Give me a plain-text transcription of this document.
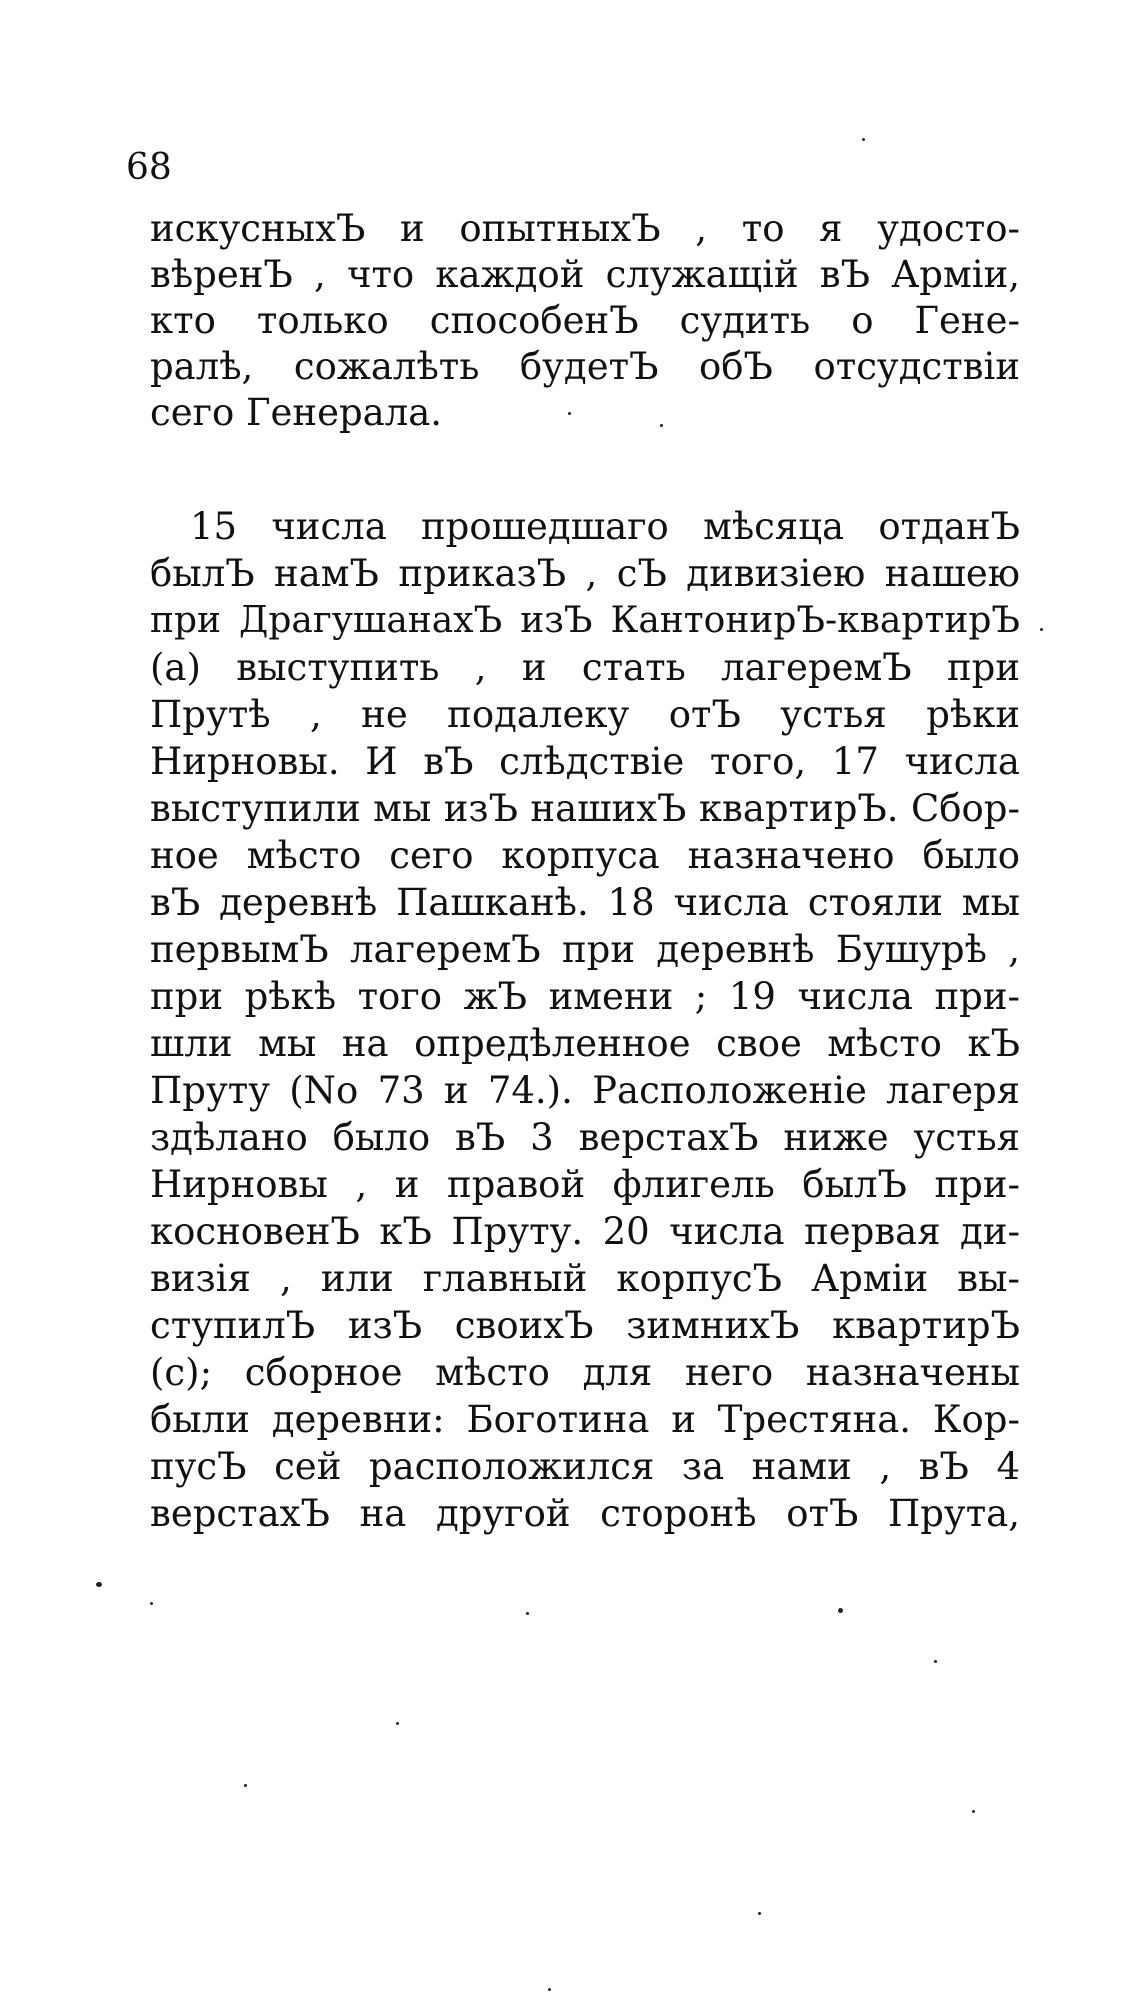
68
искусныхЪ и опытныхЪ , то я удосто-
вѣренЪ , что каждой служащій вЪ Арміи,
кто только способенЪ судить о Гене-
ралѣ, сожалѣть будетЪ обЪ отсудствіи
сего Генерала.
15 числа прошедшаго мѣсяца отданЪ
былЪ намЪ приказЪ , сЪ дивизіею нашею
при ДрагушанахЪ изЪ КантонирЪ-квартирЪ
(а) выступить , и стать лагеремЪ при
Прутѣ , не подалеку отЪ устья рѣки
Нирновы. И вЪ слѣдствіе того, 17 числа
выступили мы изЪ нашихЪ квартирЪ. Сбор-
ное мѣсто сего корпуса назначено было
вЪ деревнѣ Пашканѣ. 18 числа стояли мы
первымЪ лагеремЪ при деревнѣ Бушурѣ ,
при рѣкѣ того жЪ имени ; 19 числа при-
шли мы на опредѣленное свое мѣсто кЪ
Пруту (No 73 и 74.). Расположеніе лагеря
здѣлано было вЪ 3 верстахЪ ниже устья
Нирновы , и правой флигель былЪ при-
косновенЪ кЪ Пруту. 20 числа первая ди-
визія , или главный корпусЪ Арміи вы-
ступилЪ изЪ своихЪ зимнихЪ квартирЪ
(с); сборное мѣсто для него назначены
были деревни: Боготина и Трестяна. Кор-
пусЪ сей расположился за нами , вЪ 4
верстахЪ на другой сторонѣ отЪ Прута,
